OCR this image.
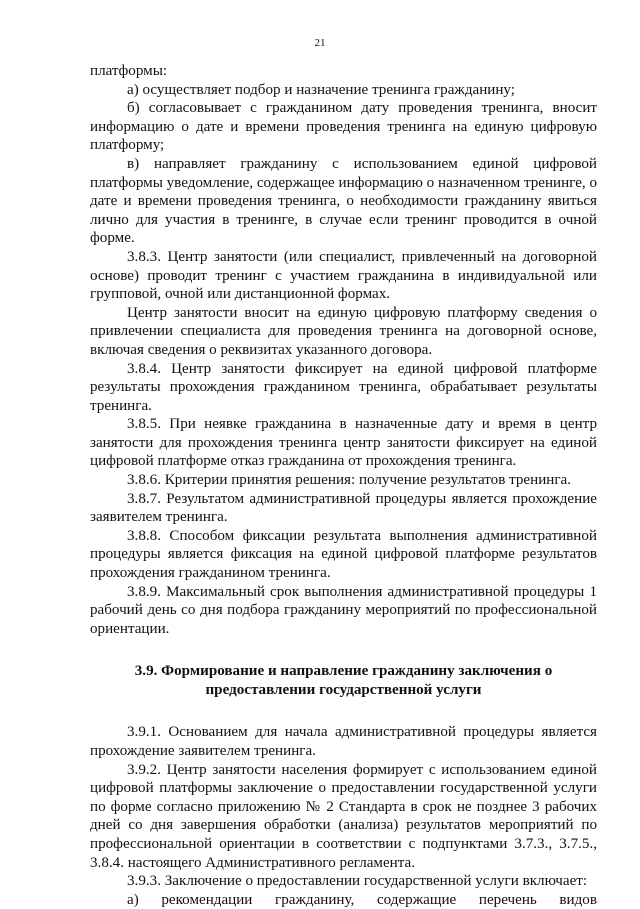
21

платформы:

а) осуществляет подбор и назначение тренинга гражданину;

б) согласовывает с гражданином дату проведения тренинга, вносит информацию о дате и времени проведения тренинга на единую цифровую платформу;

в) направляет гражданину с использованием единой цифровой платформы уведомление, содержащее информацию о назначенном тренинге, о дате и времени проведения тренинга, о необходимости гражданину явиться лично для участия в тренинге, в случае если тренинг проводится в очной форме.

3.8.3. Центр занятости (или специалист, привлеченный на договорной основе) проводит тренинг с участием гражданина в индивидуальной или групповой, очной или дистанционной формах.

Центр занятости вносит на единую цифровую платформу сведения о привлечении специалиста для проведения тренинга на договорной основе, включая сведения о реквизитах указанного договора.

3.8.4. Центр занятости фиксирует на единой цифровой платформе результаты прохождения гражданином тренинга, обрабатывает результаты тренинга.

3.8.5. При неявке гражданина в назначенные дату и время в центр занятости для прохождения тренинга центр занятости фиксирует на единой цифровой платформе отказ гражданина от прохождения тренинга.

3.8.6. Критерии принятия решения: получение результатов тренинга.

3.8.7. Результатом административной процедуры является прохождение заявителем тренинга.

3.8.8. Способом фиксации результата выполнения административной процедуры является фиксация на единой цифровой платформе результатов прохождения гражданином тренинга.

3.8.9. Максимальный срок выполнения административной процедуры 1 рабочий день со дня подбора гражданину мероприятий по профессиональной ориентации.

3.9. Формирование и направление гражданину заключения о предоставлении государственной услуги

3.9.1. Основанием для начала административной процедуры является прохождение заявителем тренинга.

3.9.2. Центр занятости населения формирует с использованием единой цифровой платформы заключение о предоставлении государственной услуги по форме согласно приложению № 2 Стандарта в срок не позднее 3 рабочих дней со дня завершения обработки (анализа) результатов мероприятий по профессиональной ориентации в соответствии с подпунктами 3.7.3., 3.7.5., 3.8.4. настоящего Административного регламента.

3.9.3. Заключение о предоставлении государственной услуги включает:

а) рекомендации гражданину, содержащие перечень видов
